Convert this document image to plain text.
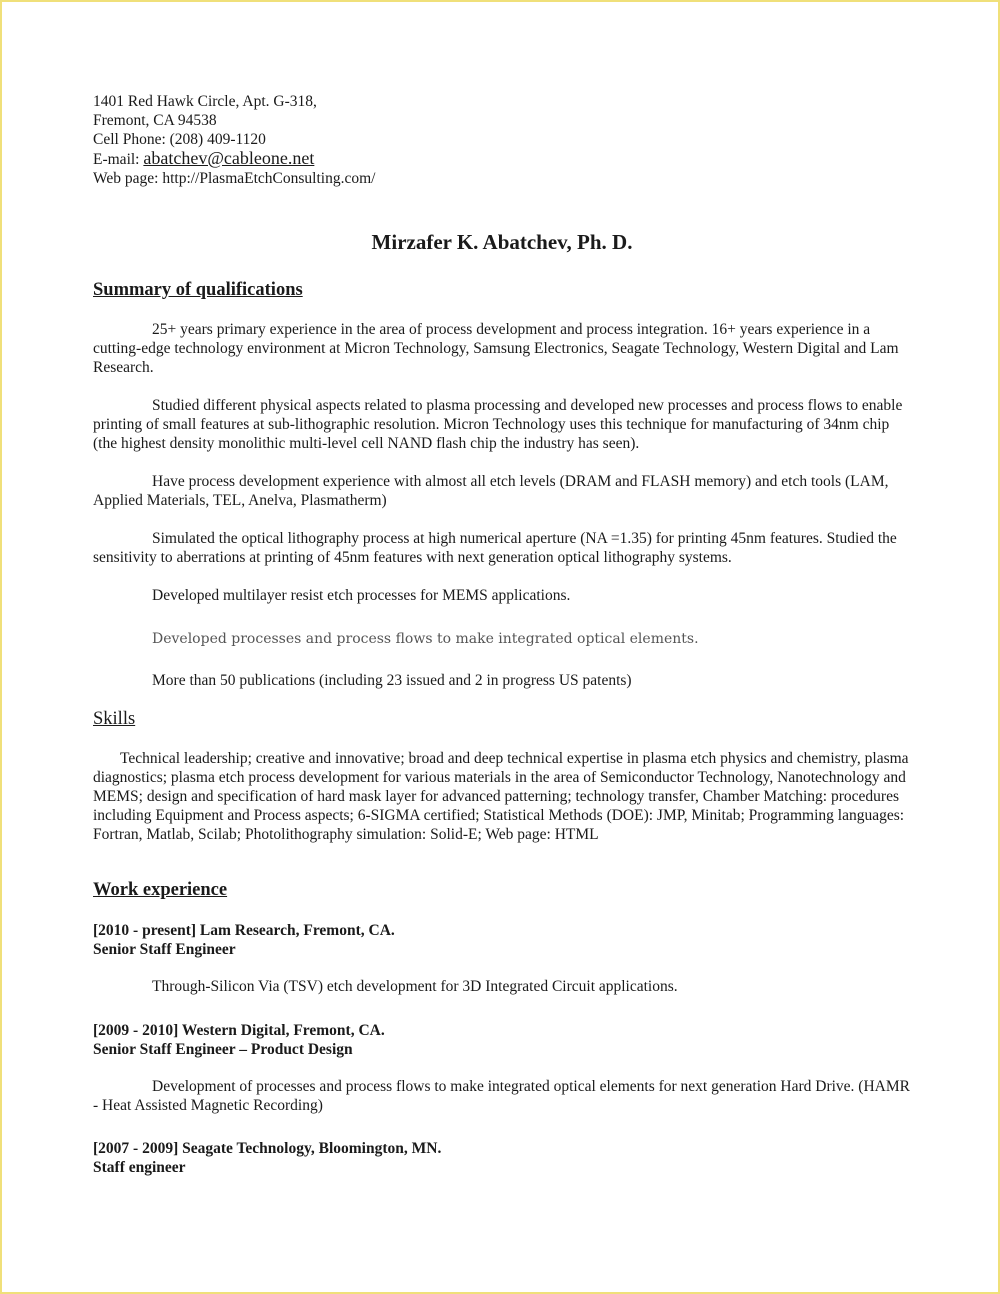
1401 Red Hawk Circle, Apt. G-318,

Fremont, CA 94538

Cell Phone: (208) 409-1120

E-mail: abatchev@cableone.net

Web page: http://PlasmaEtchConsulting.com/

Mirzafer K. Abatchev, Ph. D.
Summary of qualifications

25+ years primary experience in the area of process development and process integration. 16+ years experience in a cutting-edge technology environment at Micron Technology, Samsung Electronics, Seagate Technology, Western Digital and Lam Research.

Studied different physical aspects related to plasma processing and developed new processes and process flows to enable printing of small features at sub-lithographic resolution. Micron Technology uses this technique for manufacturing of 34nm chip (the highest density monolithic multi-level cell NAND flash chip the industry has seen).

Have process development experience with almost all etch levels (DRAM and FLASH memory) and etch tools (LAM, Applied Materials, TEL, Anelva, Plasmatherm)

Simulated the optical lithography process at high numerical aperture (NA =1.35) for printing 45nm features. Studied the sensitivity to aberrations at printing of 45nm features with next generation optical lithography systems.

Developed multilayer resist etch processes for MEMS applications.

Developed processes and process flows to make integrated optical elements.

More than 50 publications (including 23 issued and 2 in progress US patents)

Skills

Technical leadership; creative and innovative; broad and deep technical expertise in plasma etch physics and chemistry, plasma diagnostics; plasma etch process development for various materials in the area of Semiconductor Technology, Nanotechnology and MEMS; design and specification of hard mask layer for advanced patterning; technology transfer, Chamber Matching: procedures including Equipment and Process aspects; 6-SIGMA certified; Statistical Methods (DOE): JMP, Minitab; Programming languages: Fortran, Matlab, Scilab; Photolithography simulation: Solid-E; Web page: HTML

Work experience

[2010 - present] Lam Research, Fremont, CA.

Senior Staff Engineer

Through-Silicon Via (TSV) etch development for 3D Integrated Circuit applications.

[2009 - 2010] Western Digital, Fremont, CA.

Senior Staff Engineer – Product Design

Development of processes and process flows to make integrated optical elements for next generation Hard Drive. (HAMR - Heat Assisted Magnetic Recording)

[2007 - 2009] Seagate Technology, Bloomington, MN.

Staff engineer
